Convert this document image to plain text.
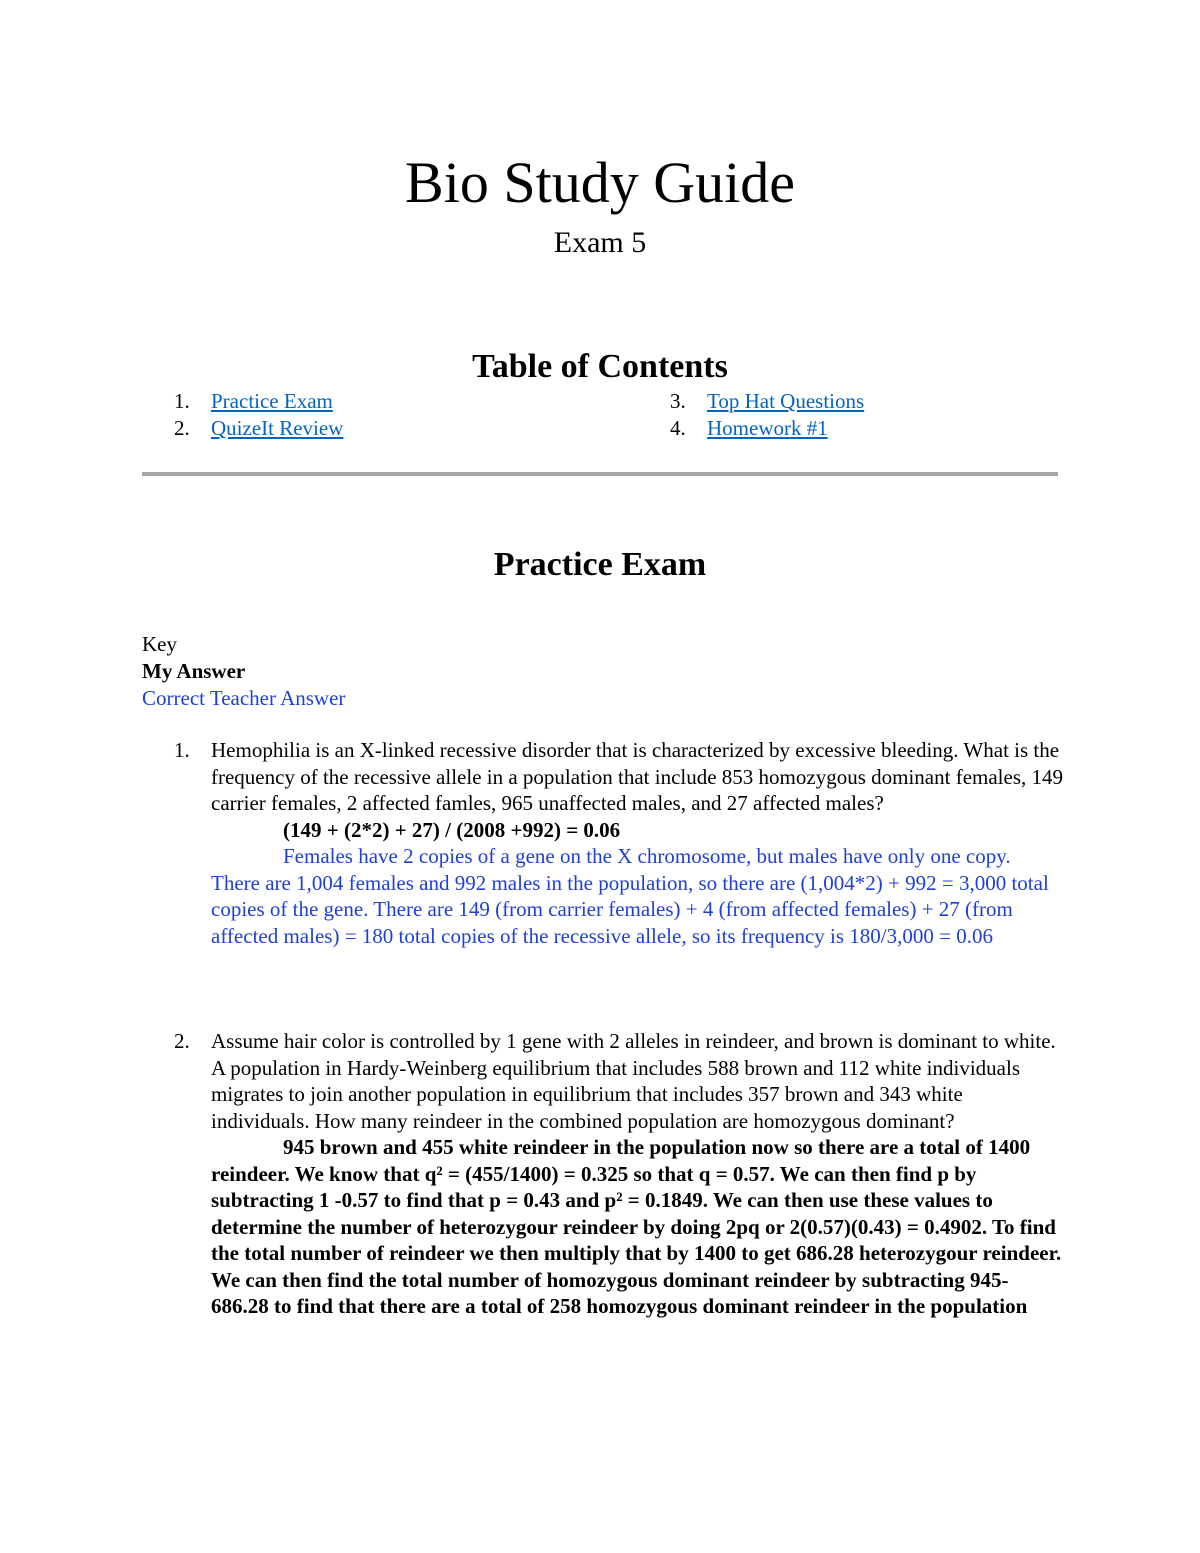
Bio Study Guide
Exam 5
Table of Contents
1. Practice Exam
2. QuizeIt Review
3. Top Hat Questions
4. Homework #1
Practice Exam
Key
My Answer
Correct Teacher Answer
1.	Hemophilia is an X-linked recessive disorder that is characterized by excessive bleeding. What is the frequency of the recessive allele in a population that include 853 homozygous dominant females, 149 carrier females, 2 affected famles, 965 unaffected males, and 27 affected males?

(149 + (2*2) + 27) / (2008 +992) = 0.06

Females have 2 copies of a gene on the X chromosome, but males have only one copy. There are 1,004 females and 992 males in the population, so there are (1,004*2) + 992 = 3,000 total copies of the gene. There are 149 (from carrier females) + 4 (from affected females) + 27 (from affected males) = 180 total copies of the recessive allele, so its frequency is 180/3,000 = 0.06

2.	Assume hair color is controlled by 1 gene with 2 alleles in reindeer, and brown is dominant to white. A population in Hardy-Weinberg equilibrium that includes 588 brown and 112 white individuals migrates to join another population in equilibrium that includes 357 brown and 343 white individuals. How many reindeer in the combined population are homozygous dominant?

945 brown and 455 white reindeer in the population now so there are a total of 1400 reindeer. We know that q² = (455/1400) = 0.325 so that q = 0.57. We can then find p by subtracting 1 -0.57 to find that p = 0.43 and p² = 0.1849. We can then use these values to determine the number of heterozygour reindeer by doing 2pq or 2(0.57)(0.43) = 0.4902. To find the total number of reindeer we then multiply that by 1400 to get 686.28 heterozygour reindeer. We can then find the total number of homozygous dominant reindeer by subtracting 945-686.28 to find that there are a total of 258 homozygous dominant reindeer in the population
